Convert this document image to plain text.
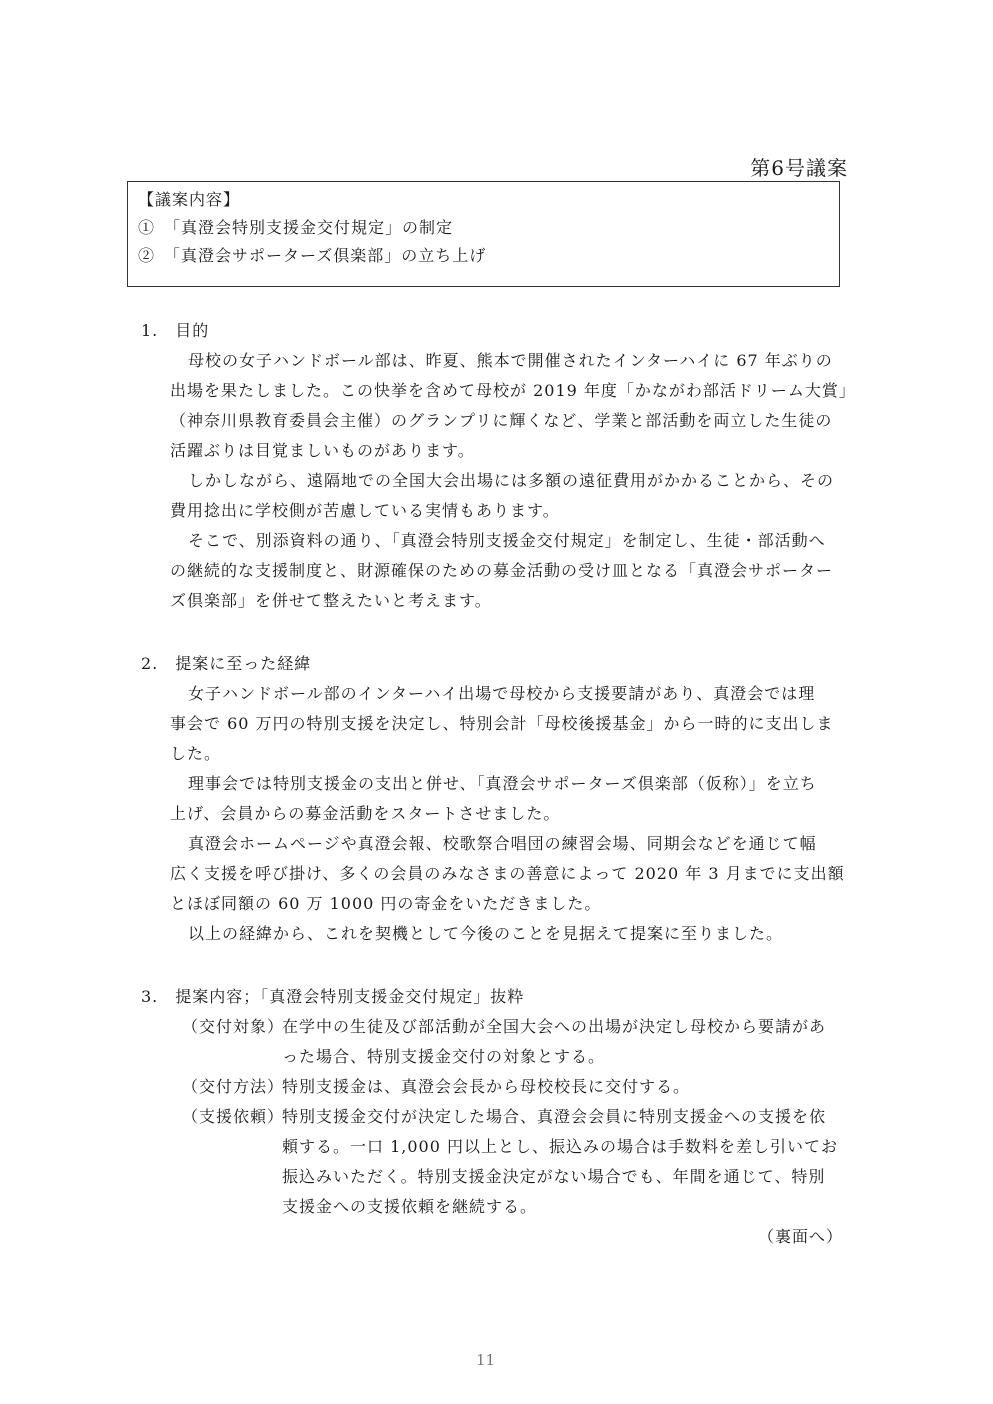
第6号議案
【議案内容】
①　「真澄会特別支援金交付規定」の制定
②　「真澄会サポーターズ倶楽部」の立ち上げ
1.　目的
母校の女子ハンドボール部は、昨夏、熊本で開催されたインターハイに 67 年ぶりの
出場を果たしました。この快挙を含めて母校が 2019 年度「かながわ部活ドリーム大賞」
（神奈川県教育委員会主催）のグランプリに輝くなど、学業と部活動を両立した生徒の
活躍ぶりは目覚ましいものがあります。
しかしながら、遠隔地での全国大会出場には多額の遠征費用がかかることから、その
費用捻出に学校側が苦慮している実情もあります。
そこで、別添資料の通り、「真澄会特別支援金交付規定」を制定し、生徒・部活動へ
の継続的な支援制度と、財源確保のための募金活動の受け皿となる「真澄会サポーター
ズ倶楽部」を併せて整えたいと考えます。
2.　提案に至った経緯
女子ハンドボール部のインターハイ出場で母校から支援要請があり、真澄会では理
事会で 60 万円の特別支援を決定し、特別会計「母校後援基金」から一時的に支出しま
した。
理事会では特別支援金の支出と併せ、「真澄会サポーターズ倶楽部（仮称）」を立ち
上げ、会員からの募金活動をスタートさせました。
真澄会ホームページや真澄会報、校歌祭合唱団の練習会場、同期会などを通じて幅
広く支援を呼び掛け、多くの会員のみなさまの善意によって 2020 年 3 月までに支出額
とほぼ同額の 60 万 1000 円の寄金をいただきました。
以上の経緯から、これを契機として今後のことを見据えて提案に至りました。
3.　提案内容；「真澄会特別支援金交付規定」抜粋
（交付対象）
在学中の生徒及び部活動が全国大会への出場が決定し母校から要請があ
った場合、特別支援金交付の対象とする。
（交付方法）
特別支援金は、真澄会会長から母校校長に交付する。
（支援依頼）
特別支援金交付が決定した場合、真澄会会員に特別支援金への支援を依
頼する。一口 1,000 円以上とし、振込みの場合は手数料を差し引いてお
振込みいただく。特別支援金決定がない場合でも、年間を通じて、特別
支援金への支援依頼を継続する。
（裏面へ）
11
